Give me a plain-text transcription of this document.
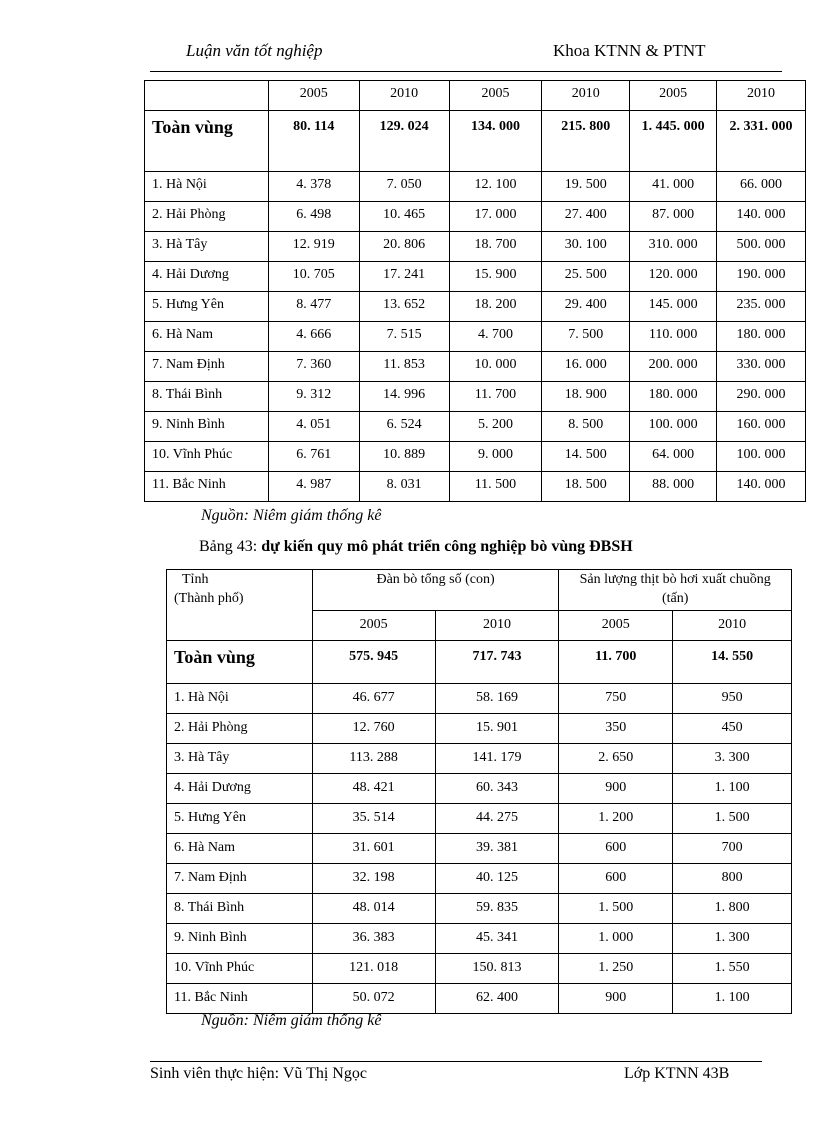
Luận văn tốt nghiệp	Khoa KTNN & PTNT
	2005	2010	2005	2010	2005	2010
Toàn vùng	80. 114	129. 024	134. 000	215. 800	1. 445. 000	2. 331. 000
1. Hà Nội	4. 378	7. 050	12. 100	19. 500	41. 000	66. 000
2. Hải Phòng	6. 498	10. 465	17. 000	27. 400	87. 000	140. 000
3. Hà Tây	12. 919	20. 806	18. 700	30. 100	310. 000	500. 000
4. Hải Dương	10. 705	17. 241	15. 900	25. 500	120. 000	190. 000
5. Hưng Yên	8. 477	13. 652	18. 200	29. 400	145. 000	235. 000
6. Hà Nam	4. 666	7. 515	4. 700	7. 500	110. 000	180. 000
7. Nam Định	7. 360	11. 853	10. 000	16. 000	200. 000	330. 000
8. Thái Bình	9. 312	14. 996	11. 700	18. 900	180. 000	290. 000
9. Ninh Bình	4. 051	6. 524	5. 200	8. 500	100. 000	160. 000
10. Vĩnh Phúc	6. 761	10. 889	9. 000	14. 500	64. 000	100. 000
11. Bắc Ninh	4. 987	8. 031	11. 500	18. 500	88. 000	140. 000
Nguồn: Niêm giám thống kê
Bảng 43: dự kiến quy mô phát triển công nghiệp bò vùng ĐBSH
Tỉnh
(Thành phố)	Đàn bò tổng số (con)		Sản lượng thịt bò hơi xuất chuồng (tấn)	
	2005	2010	2005	2010
Toàn vùng	575. 945	717. 743	11. 700	14. 550
1. Hà Nội	46. 677	58. 169	750	950
2. Hải Phòng	12. 760	15. 901	350	450
3. Hà Tây	113. 288	141. 179	2. 650	3. 300
4. Hải Dương	48. 421	60. 343	900	1. 100
5. Hưng Yên	35. 514	44. 275	1. 200	1. 500
6. Hà Nam	31. 601	39. 381	600	700
7. Nam Định	32. 198	40. 125	600	800
8. Thái Bình	48. 014	59. 835	1. 500	1. 800
9. Ninh Bình	36. 383	45. 341	1. 000	1. 300
10. Vĩnh Phúc	121. 018	150. 813	1. 250	1. 550
11. Bắc Ninh	50. 072	62. 400	900	1. 100
Nguồn: Niêm giám thống kê
Sinh viên thực hiện: Vũ Thị Ngọc	Lớp KTNN 43B
